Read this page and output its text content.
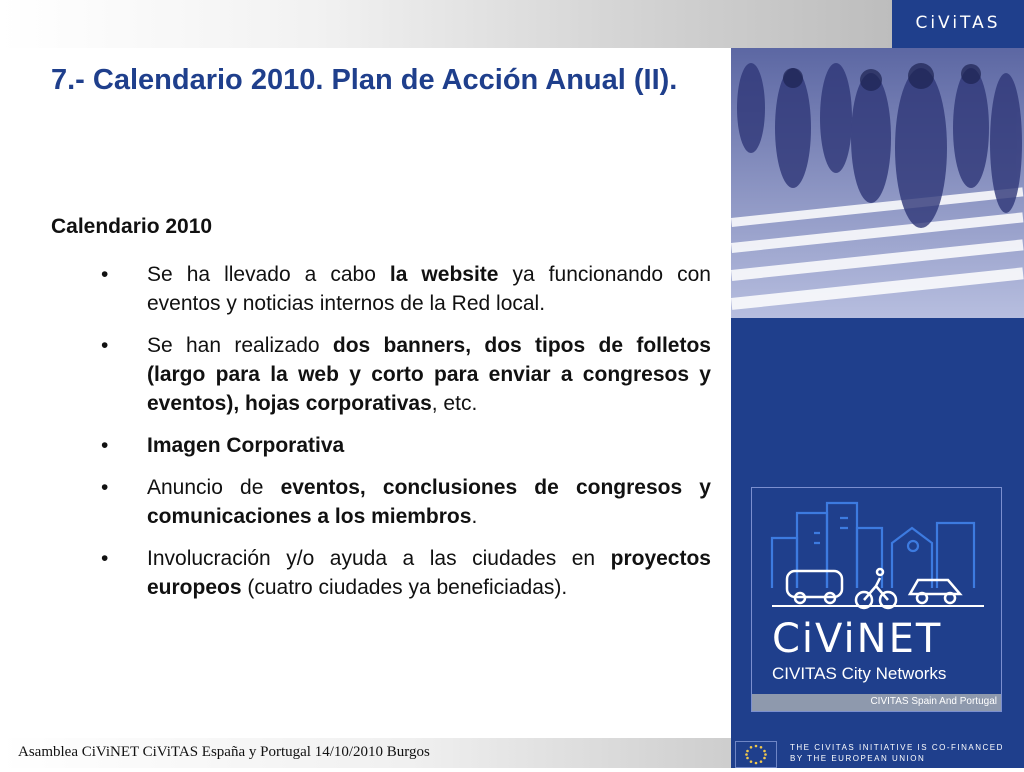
CiViTAS
7.- Calendario 2010. Plan de Acción Anual (II).
Calendario 2010
• Se ha llevado a cabo la website ya funcionando con eventos y noticias internos de la Red local.
• Se han realizado dos banners, dos tipos de folletos (largo para la web y corto para enviar a congresos y eventos), hojas corporativas, etc.
• Imagen Corporativa
• Anuncio de eventos, conclusiones de congresos y comunicaciones a los miembros.
• Involucración y/o ayuda a las ciudades en proyectos europeos (cuatro ciudades ya beneficiadas).
CiViNET
CIVITAS City Networks
CIVITAS Spain And Portugal
Asamblea CiViNET CiViTAS España y Portugal 14/10/2010 Burgos	THE CIVITAS INITIATIVE IS CO-FINANCED
BY THE EUROPEAN UNION
